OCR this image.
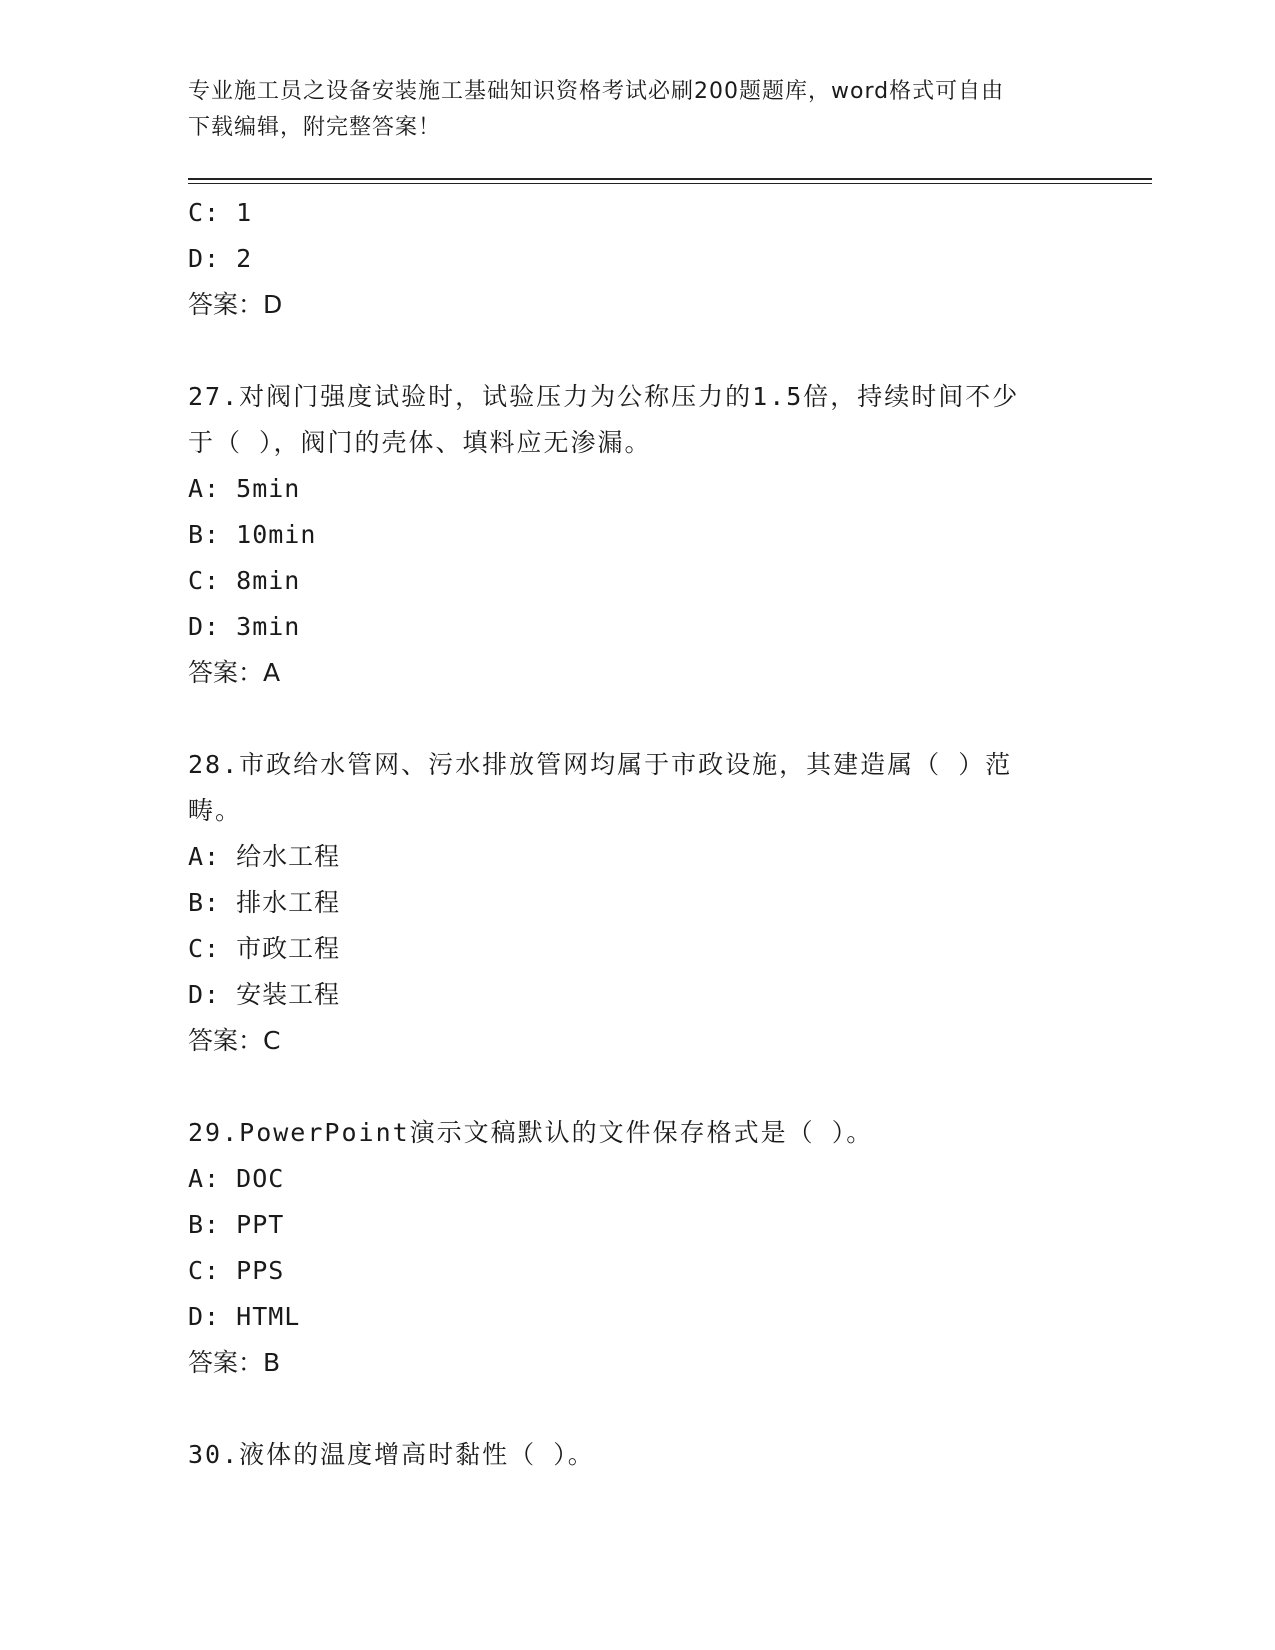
专业施工员之设备安装施工基础知识资格考试必刷200题题库，word格式可自由
下载编辑，附完整答案！
C: 1
D: 2
答案：D
27.对阀门强度试验时，试验压力为公称压力的1.5倍，持续时间不少
于（ ），阀门的壳体、填料应无渗漏。
A: 5min
B: 10min
C: 8min
D: 3min
答案：A
28.市政给水管网、污水排放管网均属于市政设施，其建造属（ ）范
畴。
A: 给水工程
B: 排水工程
C: 市政工程
D: 安装工程
答案：C
29.PowerPoint演示文稿默认的文件保存格式是（ ）。
A: DOC
B: PPT
C: PPS
D: HTML
答案：B
30.液体的温度增高时黏性（ ）。
